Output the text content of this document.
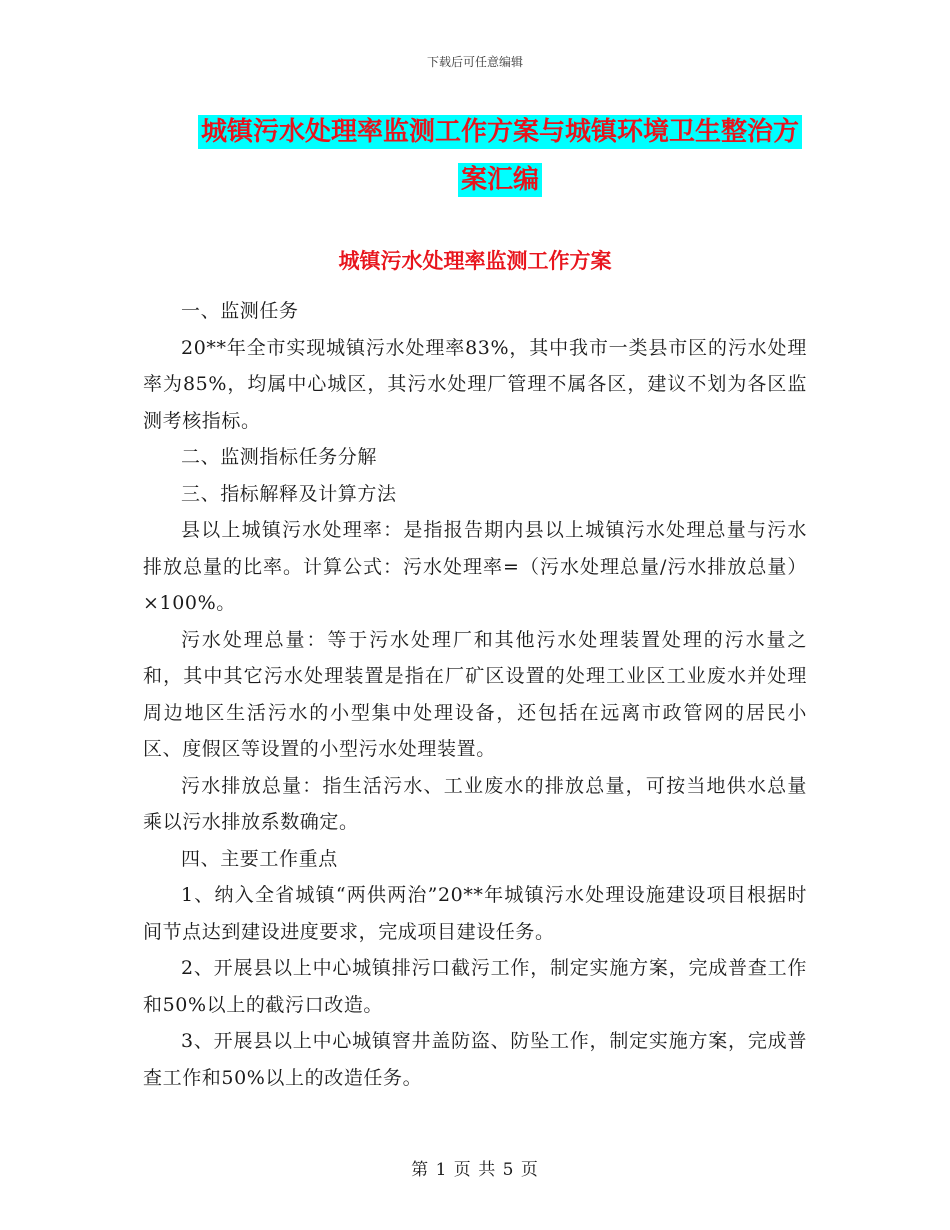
下载后可任意编辑
城镇污水处理率监测工作方案与城镇环境卫生整治方案汇编
城镇污水处理率监测工作方案

一、监测任务

20**年全市实现城镇污水处理率83%，其中我市一类县市区的污水处理率为85%，均属中心城区，其污水处理厂管理不属各区，建议不划为各区监测考核指标。

二、监测指标任务分解

三、指标解释及计算方法

县以上城镇污水处理率：是指报告期内县以上城镇污水处理总量与污水排放总量的比率。计算公式：污水处理率=（污水处理总量/污水排放总量）×100%。

污水处理总量：等于污水处理厂和其他污水处理装置处理的污水量之和，其中其它污水处理装置是指在厂矿区设置的处理工业区工业废水并处理周边地区生活污水的小型集中处理设备，还包括在远离市政管网的居民小区、度假区等设置的小型污水处理装置。

污水排放总量：指生活污水、工业废水的排放总量，可按当地供水总量乘以污水排放系数确定。

四、主要工作重点

1、纳入全省城镇“两供两治”20**年城镇污水处理设施建设项目根据时间节点达到建设进度要求，完成项目建设任务。

2、开展县以上中心城镇排污口截污工作，制定实施方案，完成普查工作和50%以上的截污口改造。

3、开展县以上中心城镇窨井盖防盗、防坠工作，制定实施方案，完成普查工作和50%以上的改造任务。

第 1 页 共 5 页
